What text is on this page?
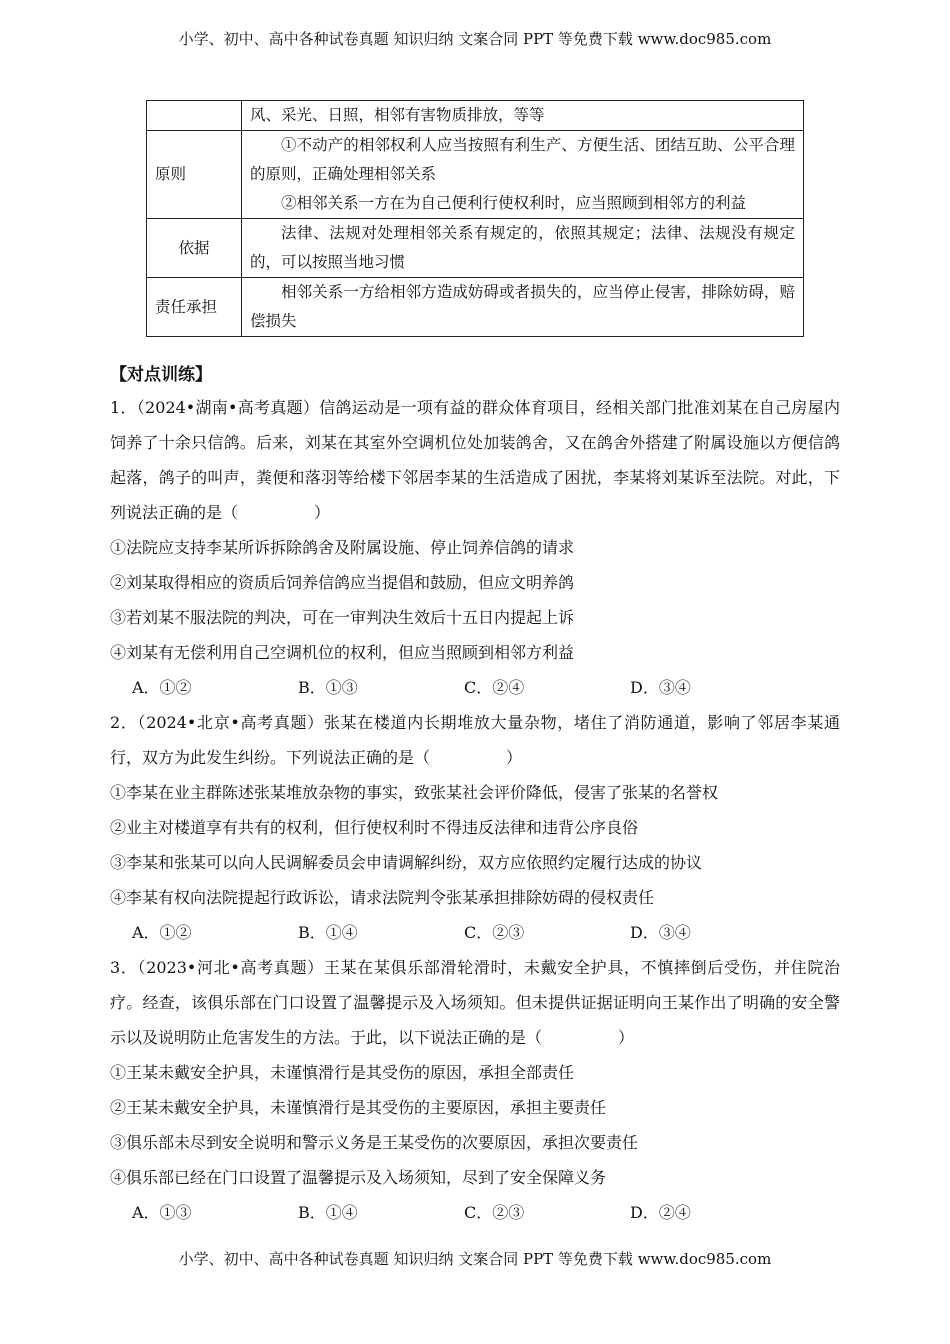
小学、初中、高中各种试卷真题 知识归纳 文案合同 PPT 等免费下载 www.doc985.com
	风、采光、日照，相邻有害物质排放，等等
原则	①不动产的相邻权利人应当按照有利生产、方便生活、团结互助、公平合理的原则，正确处理相邻关系
②相邻关系一方在为自己便利行使权利时，应当照顾到相邻方的利益

依据	法律、法规对处理相邻关系有规定的，依照其规定；法律、法规没有规定的，可以按照当地习惯
责任承担	相邻关系一方给相邻方造成妨碍或者损失的，应当停止侵害，排除妨碍，赔偿损失
【对点训练】
1．（2024•湖南•高考真题）信鸽运动是一项有益的群众体育项目，经相关部门批准刘某在自己房屋内饲养了十余只信鸽。后来，刘某在其室外空调机位处加装鸽舍，又在鸽舍外搭建了附属设施以方便信鸽起落，鸽子的叫声，粪便和落羽等给楼下邻居李某的生活造成了困扰，李某将刘某诉至法院。对此，下列说法正确的是（	）
①法院应支持李某所诉拆除鸽舍及附属设施、停止饲养信鸽的请求
②刘某取得相应的资质后饲养信鸽应当提倡和鼓励，但应文明养鸽
③若刘某不服法院的判决，可在一审判决生效后十五日内提起上诉
④刘某有无偿利用自己空调机位的权利，但应当照顾到相邻方利益
A．①②	B．①③	C．②④	D．③④
2．（2024•北京•高考真题）张某在楼道内长期堆放大量杂物，堵住了消防通道，影响了邻居李某通行，双方为此发生纠纷。下列说法正确的是（	）
①李某在业主群陈述张某堆放杂物的事实，致张某社会评价降低，侵害了张某的名誉权
②业主对楼道享有共有的权利，但行使权利时不得违反法律和违背公序良俗
③李某和张某可以向人民调解委员会申请调解纠纷，双方应依照约定履行达成的协议
④李某有权向法院提起行政诉讼，请求法院判令张某承担排除妨碍的侵权责任
A．①②	B．①④	C．②③	D．③④
3．（2023•河北•高考真题）王某在某俱乐部滑轮滑时，未戴安全护具，不慎摔倒后受伤，并住院治疗。经查，该俱乐部在门口设置了温馨提示及入场须知。但未提供证据证明向王某作出了明确的安全警示以及说明防止危害发生的方法。于此，以下说法正确的是（	）
①王某未戴安全护具，未谨慎滑行是其受伤的原因，承担全部责任
②王某未戴安全护具，未谨慎滑行是其受伤的主要原因，承担主要责任
③俱乐部未尽到安全说明和警示义务是王某受伤的次要原因，承担次要责任
④俱乐部已经在门口设置了温馨提示及入场须知，尽到了安全保障义务
A．①③	B．①④	C．②③	D．②④
小学、初中、高中各种试卷真题 知识归纳 文案合同 PPT 等免费下载 www.doc985.com
